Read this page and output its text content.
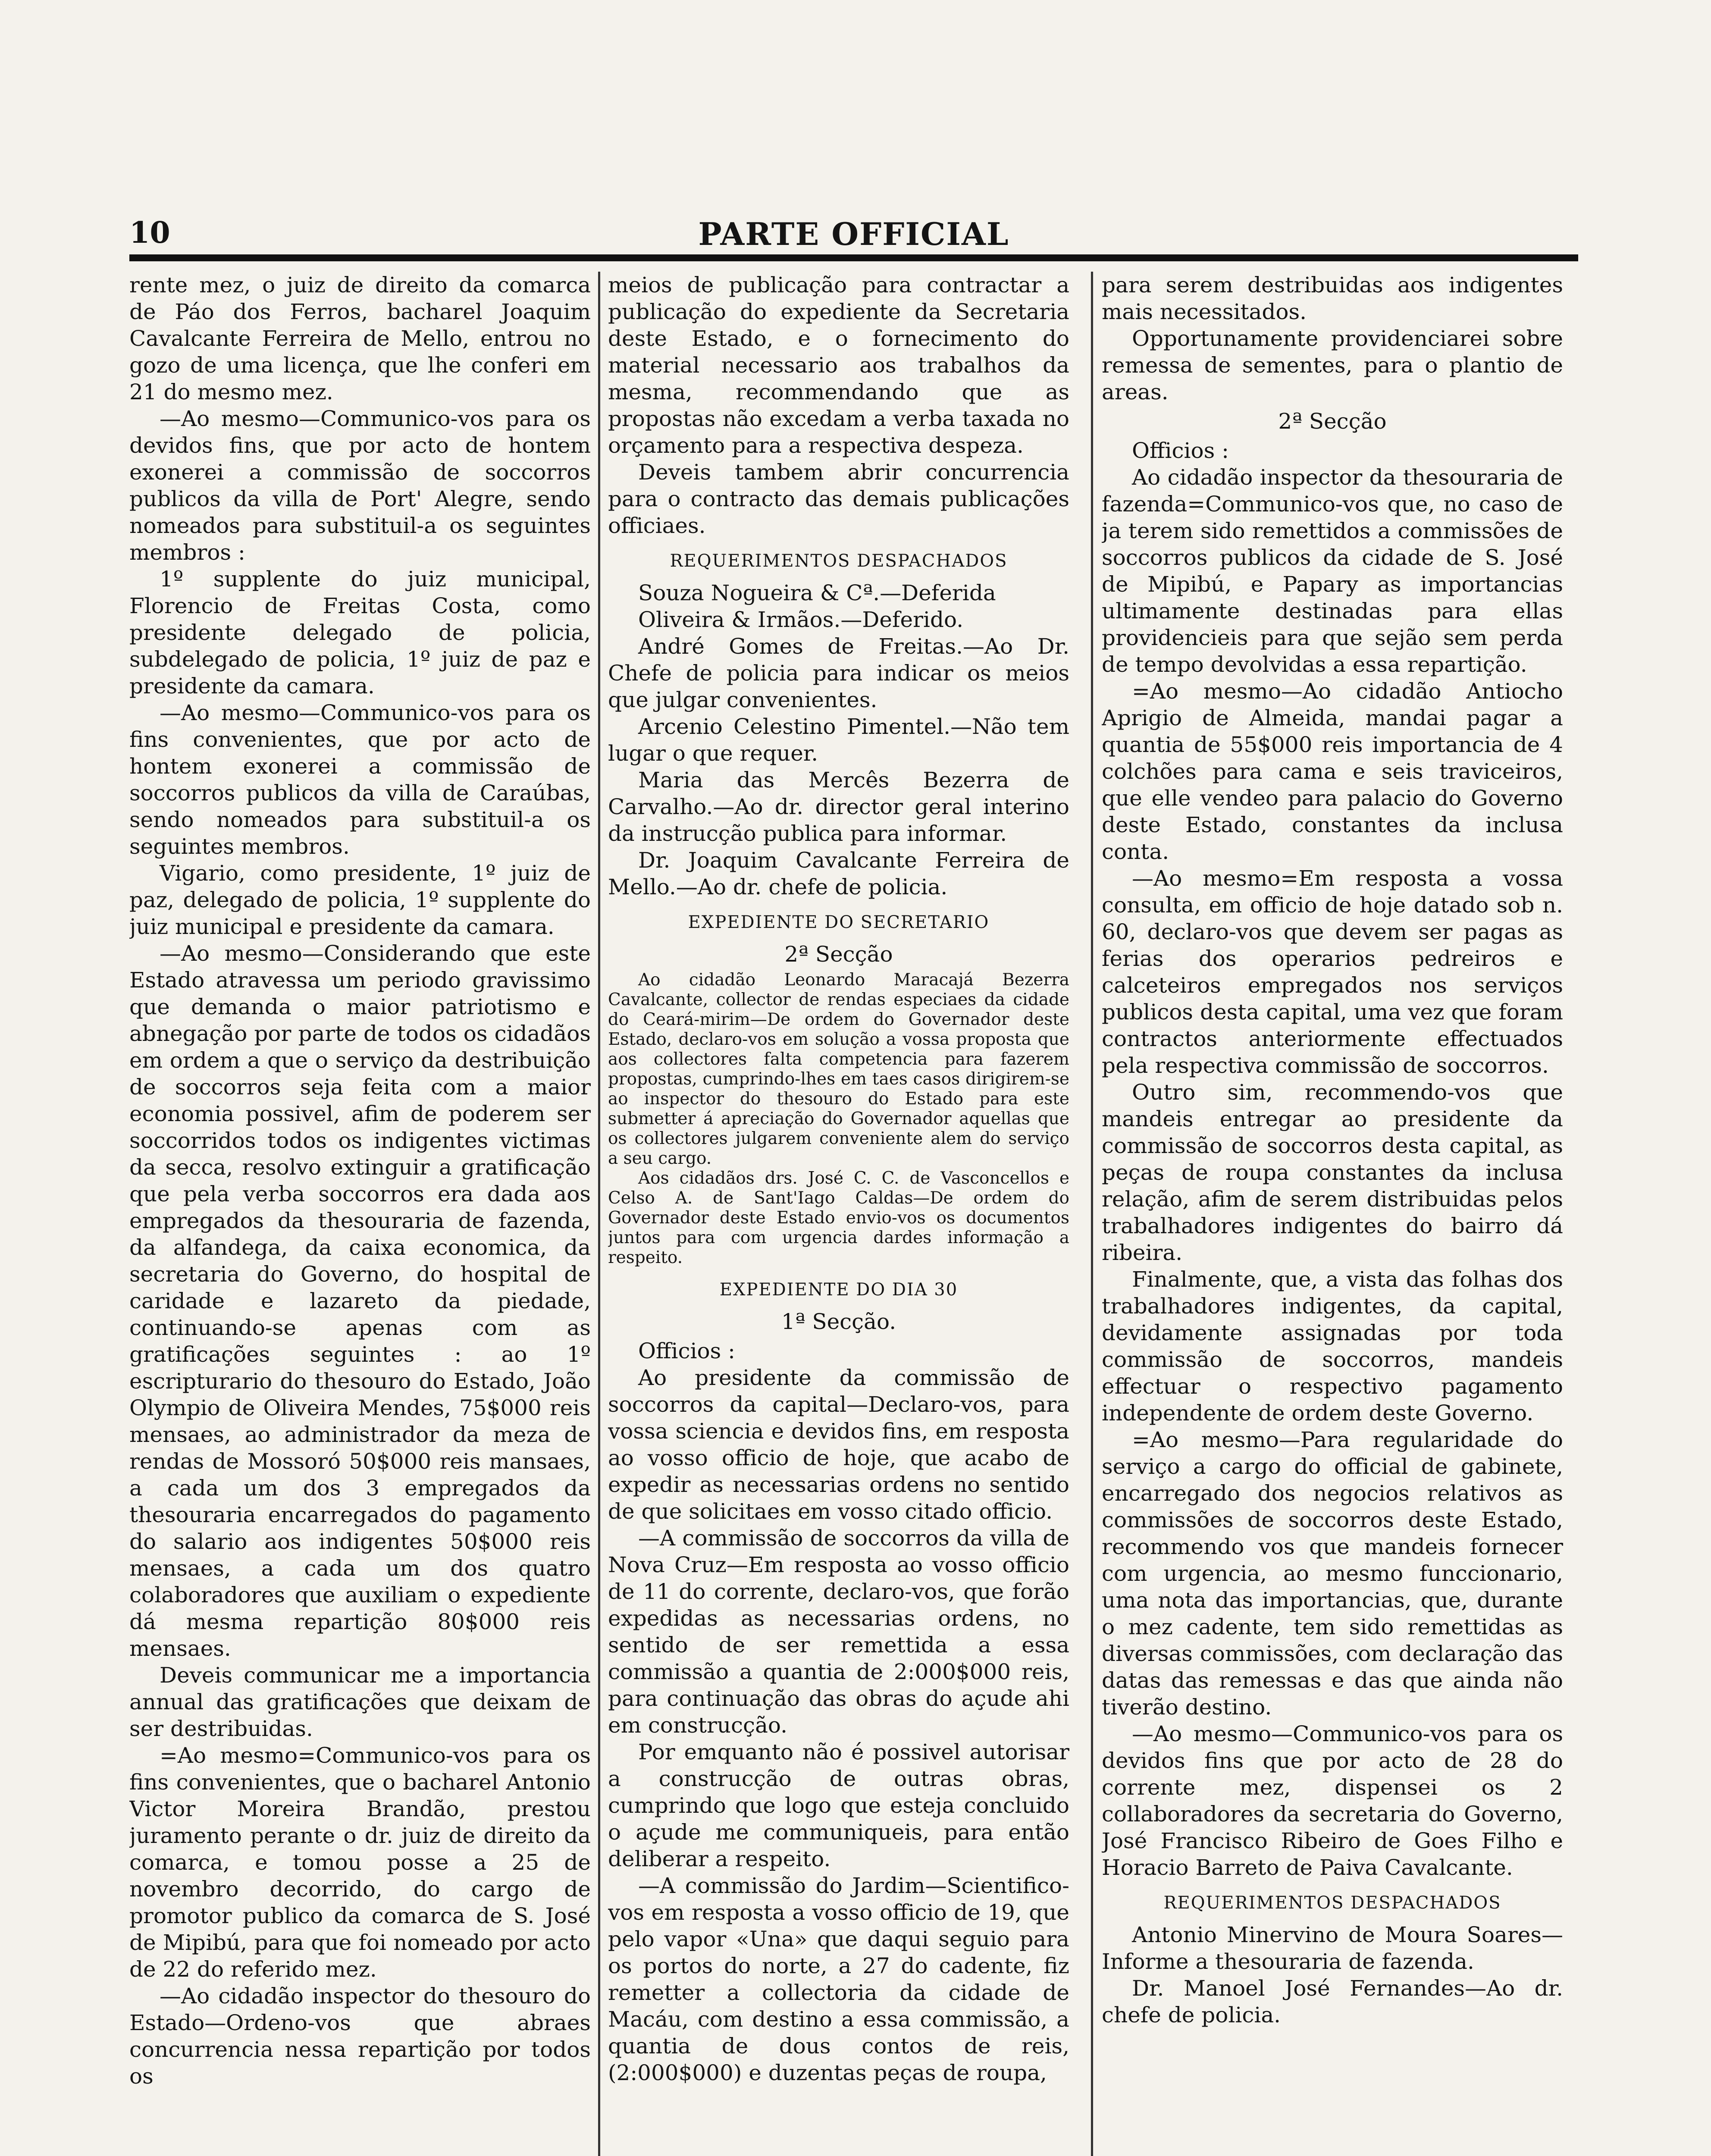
10	PARTE OFFICIAL

rente mez, o juiz de direito da comarca de Páo dos Ferros, bacharel Joaquim Cavalcante Ferreira de Mello, entrou no gozo de uma licença, que lhe conferi em 21 do mesmo mez.

—Ao mesmo—Communico-vos para os devidos fins, que por acto de hontem exonerei a commissão de soccorros publicos da villa de Port' Alegre, sendo nomeados para substituil-a os seguintes membros :

1º supplente do juiz municipal, Florencio de Freitas Costa, como presidente delegado de policia, subdelegado de policia, 1º juiz de paz e presidente da camara.

—Ao mesmo—Communico-vos para os fins convenientes, que por acto de hontem exonerei a commissão de soccorros publicos da villa de Caraúbas, sendo nomeados para substituil-a os seguintes membros.

Vigario, como presidente, 1º juiz de paz, delegado de policia, 1º supplente do juiz municipal e presidente da camara.

—Ao mesmo—Considerando que este Estado atravessa um periodo gravissimo que demanda o maior patriotismo e abnegação por parte de todos os cidadãos em ordem a que o serviço da destribuição de soccorros seja feita com a maior economia possivel, afim de poderem ser soccorridos todos os indigentes victimas da secca, resolvo extinguir a gratificação que pela verba soccorros era dada aos empregados da thesouraria de fazenda, da alfandega, da caixa economica, da secretaria do Governo, do hospital de caridade e lazareto da piedade, continuando-se apenas com as gratificações seguintes : ao 1º escripturario do thesouro do Estado, João Olympio de Oliveira Mendes, 75$000 reis mensaes, ao administrador da meza de rendas de Mossoró 50$000 reis mansaes, a cada um dos 3 empregados da thesouraria encarregados do pagamento do salario aos indigentes 50$000 reis mensaes, a cada um dos quatro colaboradores que auxiliam o expediente dá mesma repartição 80$000 reis mensaes.

Deveis communicar me a importancia annual das gratificações que deixam de ser destribuidas.

=Ao mesmo=Communico-vos para os fins convenientes, que o bacharel Antonio Victor Moreira Brandão, prestou juramento perante o dr. juiz de direito da comarca, e tomou posse a 25 de novembro decorrido, do cargo de promotor publico da comarca de S. José de Mipibú, para que foi nomeado por acto de 22 do referido mez.

—Ao cidadão inspector do thesouro do Estado—Ordeno-vos que abraes concurrencia nessa repartição por todos os

meios de publicação para contractar a publicação do expediente da Secretaria deste Estado, e o fornecimento do material necessario aos trabalhos da mesma, recommendando que as propostas não excedam a verba taxada no orçamento para a respectiva despeza.

Deveis tambem abrir concurrencia para o contracto das demais publicações officiaes.

REQUERIMENTOS DESPACHADOS

Souza Nogueira & Cª.—Deferida

Oliveira & Irmãos.—Deferido.

André Gomes de Freitas.—Ao Dr. Chefe de policia para indicar os meios que julgar convenientes.

Arcenio Celestino Pimentel.—Não tem lugar o que requer.

Maria das Mercês Bezerra de Carvalho.—Ao dr. director geral interino da instrucção publica para informar.

Dr. Joaquim Cavalcante Ferreira de Mello.—Ao dr. chefe de policia.

EXPEDIENTE DO SECRETARIO
2ª Secção

Ao cidadão Leonardo Maracajá Bezerra Cavalcante, collector de rendas especiaes da cidade do Ceará-mirim—De ordem do Governador deste Estado, declaro-vos em solução a vossa proposta que aos collectores falta competencia para fazerem propostas, cumprindo-lhes em taes casos dirigirem-se ao inspector do thesouro do Estado para este submetter á apreciação do Governador aquellas que os collectores julgarem conveniente alem do serviço a seu cargo.

Aos cidadãos drs. José C. C. de Vasconcellos e Celso A. de Sant'Iago Caldas—De ordem do Governador deste Estado envio-vos os documentos juntos para com urgencia dardes informação a respeito.

EXPEDIENTE DO DIA 30
1ª Secção.

Officios :

Ao presidente da commissão de soccorros da capital—Declaro-vos, para vossa sciencia e devidos fins, em resposta ao vosso officio de hoje, que acabo de expedir as necessarias ordens no sentido de que solicitaes em vosso citado officio.

—A commissão de soccorros da villa de Nova Cruz—Em resposta ao vosso officio de 11 do corrente, declaro-vos, que forão expedidas as necessarias ordens, no sentido de ser remettida a essa commissão a quantia de 2:000$000 reis, para continuação das obras do açude ahi em construcção.

Por emquanto não é possivel autorisar a construcção de outras obras, cumprindo que logo que esteja concluido o açude me communiqueis, para então deliberar a respeito.

—A commissão do Jardim—Scientifico-vos em resposta a vosso officio de 19, que pelo vapor «Una» que daqui seguio para os portos do norte, a 27 do cadente, fiz remetter a collectoria da cidade de Macáu, com destino a essa commissão, a quantia de dous contos de reis, (2:000$000) e duzentas peças de roupa,

para serem destribuidas aos indigentes mais necessitados.

Opportunamente providenciarei sobre remessa de sementes, para o plantio de areas.

2ª Secção

Officios :

Ao cidadão inspector da thesouraria de fazenda=Communico-vos que, no caso de ja terem sido remettidos a commissões de soccorros publicos da cidade de S. José de Mipibú, e Papary as importancias ultimamente destinadas para ellas providencieis para que sejão sem perda de tempo devolvidas a essa repartição.

=Ao mesmo—Ao cidadão Antiocho Aprigio de Almeida, mandai pagar a quantia de 55$000 reis importancia de 4 colchões para cama e seis traviceiros, que elle vendeo para palacio do Governo deste Estado, constantes da inclusa conta.

—Ao mesmo=Em resposta a vossa consulta, em officio de hoje datado sob n. 60, declaro-vos que devem ser pagas as ferias dos operarios pedreiros e calceteiros empregados nos serviços publicos desta capital, uma vez que foram contractos anteriormente effectuados pela respectiva commissão de soccorros.

Outro sim, recommendo-vos que mandeis entregar ao presidente da commissão de soccorros desta capital, as peças de roupa constantes da inclusa relação, afim de serem distribuidas pelos trabalhadores indigentes do bairro dá ribeira.

Finalmente, que, a vista das folhas dos trabalhadores indigentes, da capital, devidamente assignadas por toda commissão de soccorros, mandeis effectuar o respectivo pagamento independente de ordem deste Governo.

=Ao mesmo—Para regularidade do serviço a cargo do official de gabinete, encarregado dos negocios relativos as commissões de soccorros deste Estado, recommendo vos que mandeis fornecer com urgencia, ao mesmo funccionario, uma nota das importancias, que, durante o mez cadente, tem sido remettidas as diversas commissões, com declaração das datas das remessas e das que ainda não tiverão destino.

—Ao mesmo—Communico-vos para os devidos fins que por acto de 28 do corrente mez, dispensei os 2 collaboradores da secretaria do Governo, José Francisco Ribeiro de Goes Filho e Horacio Barreto de Paiva Cavalcante.

REQUERIMENTOS DESPACHADOS

Antonio Minervino de Moura Soares—Informe a thesouraria de fazenda.

Dr. Manoel José Fernandes—Ao dr. chefe de policia.
